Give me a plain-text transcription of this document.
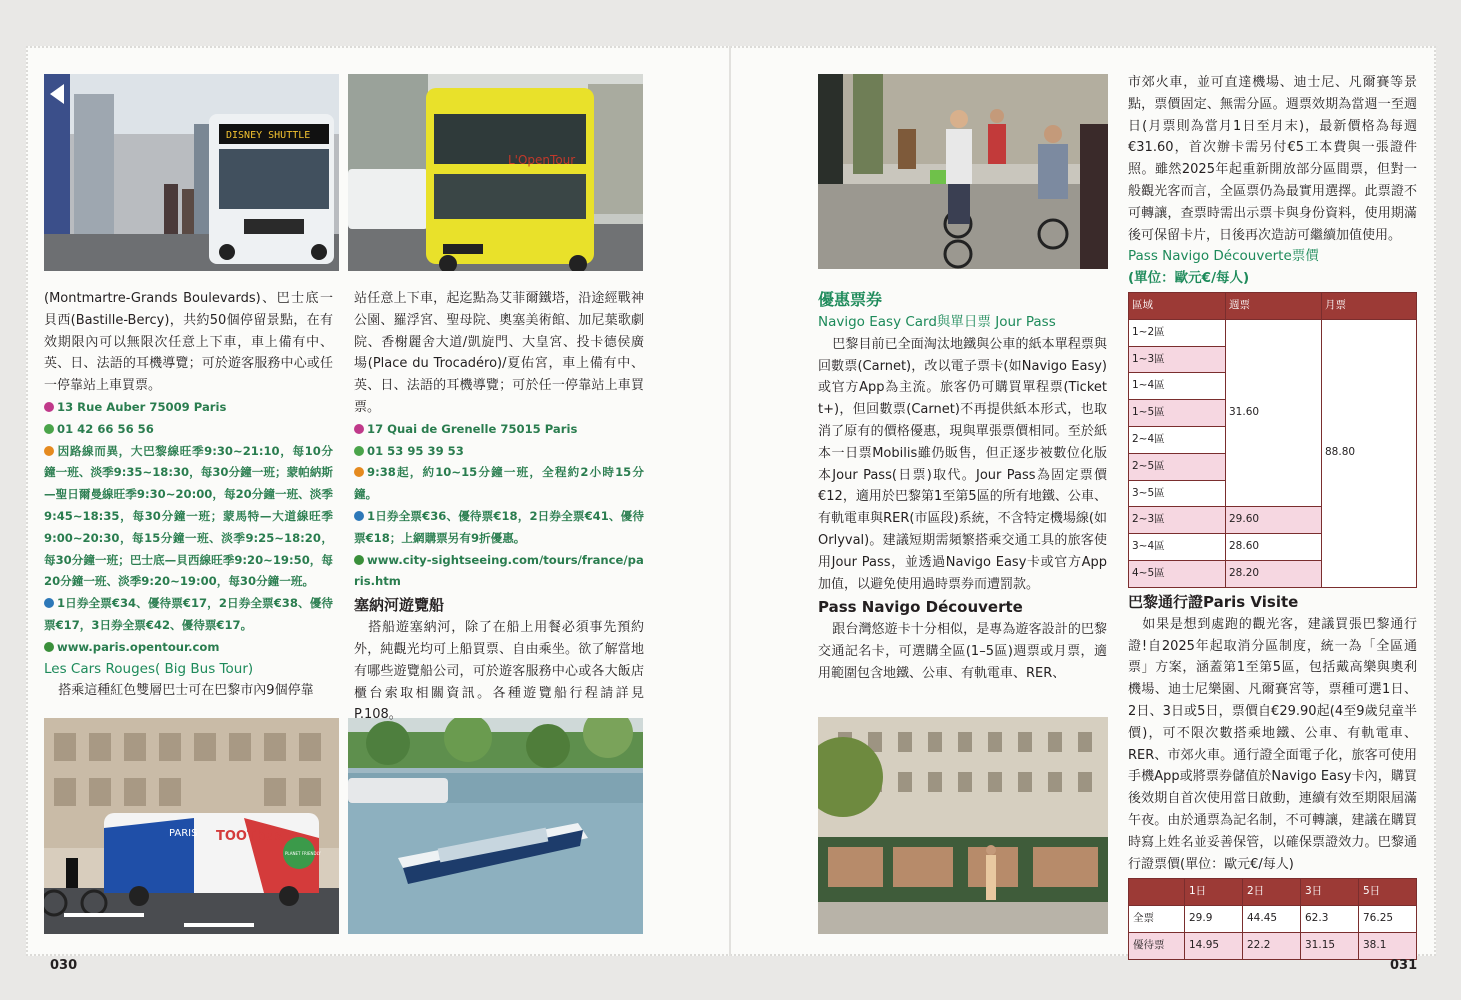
DISNEY SHUTTLE
L'OpenTour
PARIS TOOTbus
PLANET FRIENDLY

(Montmartre-Grands Boulevards)、巴士底一貝西(Bastille-Bercy)，共約50個停留景點，在有效期限內可以無限次任意上下車，車上備有中、英、日、法語的耳機導覽；可於遊客服務中心或任一停靠站上車買票。

13 Rue Auber 75009 Paris
01 42 66 56 56
因路線而異，大巴黎線旺季9:30~21:10，每10分鐘一班、淡季9:35~18:30，每30分鐘一班；蒙帕納斯—聖日爾曼線旺季9:30~20:00，每20分鐘一班、淡季9:45~18:35，每30分鐘一班；蒙馬特—大道線旺季9:00~20:30，每15分鐘一班、淡季9:25~18:20，每30分鐘一班；巴士底—貝西線旺季9:20~19:50，每20分鐘一班、淡季9:20~19:00，每30分鐘一班。
1日券全票€34、優待票€17，2日券全票€38、優待票€17，3日券全票€42、優待票€17。
www.paris.opentour.com

Les Cars Rouges( Big Bus Tour)

搭乘這種紅色雙層巴士可在巴黎市內9個停靠

站任意上下車，起迄點為艾菲爾鐵塔，沿途經戰神公園、羅浮宮、聖母院、奧塞美術館、加尼葉歌劇院、香榭麗舍大道/凱旋門、大皇宮、投卡德侯廣場(Place du Trocadéro)/夏佑宮，車上備有中、英、日、法語的耳機導覽；可於任一停靠站上車買票。

17 Quai de Grenelle 75015 Paris
01 53 95 39 53
9:38起，約10~15分鐘一班，全程約2小時15分鐘。
1日券全票€36、優待票€18，2日券全票€41、優待票€18；上網購票另有9折優惠。
www.city-sightseeing.com/tours/france/paris.htm

塞納河遊覽船

搭船遊塞納河，除了在船上用餐必須事先預約外，純觀光均可上船買票、自由乘坐。欲了解當地有哪些遊覽船公司，可於遊客服務中心或各大飯店櫃台索取相關資訊。各種遊覽船行程請詳見P.108。

030

優惠票券

Navigo Easy Card與單日票 Jour Pass

巴黎目前已全面淘汰地鐵與公車的紙本單程票與回數票(Carnet)，改以電子票卡(如Navigo Easy)或官方App為主流。旅客仍可購買單程票(Ticket t+)，但回數票(Carnet)不再提供紙本形式，也取消了原有的價格優惠，現與單張票價相同。至於紙本一日票Mobilis雖仍販售，但正逐步被數位化版本Jour Pass(日票)取代。Jour Pass為固定票價€12，適用於巴黎第1至第5區的所有地鐵、公車、有軌電車與RER(市區段)系統，不含特定機場線(如Orlyval)。建議短期需頻繁搭乘交通工具的旅客使用Jour Pass，並透過Navigo Easy卡或官方App加值，以避免使用過時票券而遭罰款。

Pass Navigo Découverte

跟台灣悠遊卡十分相似，是專為遊客設計的巴黎交通記名卡，可選購全區(1–5區)週票或月票，適用範圍包含地鐵、公車、有軌電車、RER、

市郊火車，並可直達機場、迪士尼、凡爾賽等景點，票價固定、無需分區。週票效期為當週一至週日(月票則為當月1日至月末)，最新價格為每週€31.60，首次辦卡需另付€5工本費與一張證件照。雖然2025年起重新開放部分區間票，但對一般觀光客而言，全區票仍為最實用選擇。此票證不可轉讓，查票時需出示票卡與身份資料，使用期滿後可保留卡片，日後再次造訪可繼續加值使用。

Pass Navigo Découverte票價

(單位：歐元€/每人)

區域	週票	月票
1~2區	31.60	88.80
1~3區		
1~4區		
1~5區		
2~4區		
2~5區		
3~5區		
2~3區	29.60	
3~4區	28.60	
4~5區	28.20	

巴黎通行證Paris Visite

如果是想到處跑的觀光客，建議買張巴黎通行證!自2025年起取消分區制度，統一為「全區通票」方案，涵蓋第1至第5區，包括戴高樂與奧利機場、迪士尼樂園、凡爾賽宮等，票種可選1日、2日、3日或5日，票價自€29.90起(4至9歲兒童半價)，可不限次數搭乘地鐵、公車、有軌電車、RER、市郊火車。通行證全面電子化，旅客可使用手機App或將票券儲值於Navigo Easy卡內，購買後效期自首次使用當日啟動，連續有效至期限屆滿午夜。由於通票為記名制，不可轉讓，建議在購買時寫上姓名並妥善保管，以確保票證效力。巴黎通行證票價(單位：歐元€/每人)

	1日	2日	3日	5日
全票	29.9	44.45	62.3	76.25
優待票	14.95	22.2	31.15	38.1
031
